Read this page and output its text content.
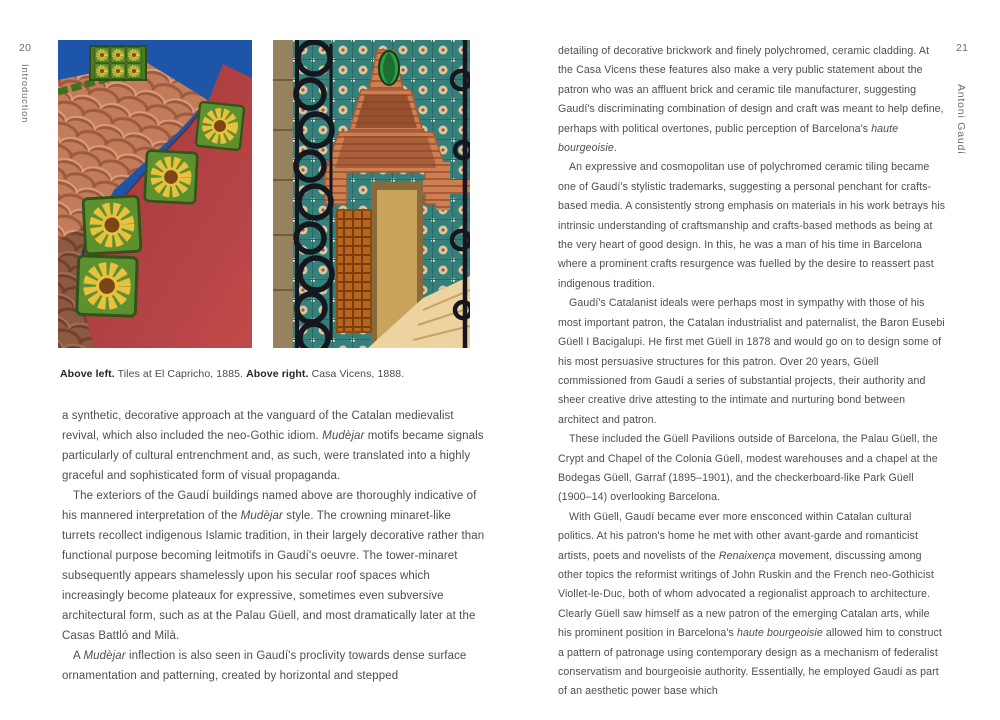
20
Introduction
21
Antoni Gaudí

Above left. Tiles at El Capricho, 1885. Above right. Casa Vicens, 1888.

a synthetic, decorative approach at the vanguard of the Catalan medievalist revival, which also included the neo-Gothic idiom. Mudèjar motifs became signals particularly of cultural entrenchment and, as such, were translated into a highly graceful and sophisticated form of visual propaganda.

The exteriors of the Gaudí buildings named above are thoroughly indicative of his mannered interpretation of the Mudèjar style. The crowning minaret-like turrets recollect indigenous Islamic tradition, in their largely decorative rather than functional purpose becoming leitmotifs in Gaudí's oeuvre. The tower-minaret subsequently appears shamelessly upon his secular roof spaces which increasingly become plateaux for expressive, sometimes even subversive architectural form, such as at the Palau Güell, and most dramatically later at the Casas Battló and Milà.

A Mudèjar inflection is also seen in Gaudí's proclivity towards dense surface ornamentation and patterning, created by horizontal and stepped

detailing of decorative brickwork and finely polychromed, ceramic cladding. At the Casa Vicens these features also make a very public statement about the patron who was an affluent brick and ceramic tile manufacturer, suggesting Gaudí's discriminating combination of design and craft was meant to help define, perhaps with political overtones, public perception of Barcelona's haute bourgeoisie.

An expressive and cosmopolitan use of polychromed ceramic tiling became one of Gaudí's stylistic trademarks, suggesting a personal penchant for crafts-based media. A consistently strong emphasis on materials in his work betrays his intrinsic understanding of craftsmanship and crafts-based methods as being at the very heart of good design. In this, he was a man of his time in Barcelona where a prominent crafts resurgence was fuelled by the desire to reassert past indigenous tradition.

Gaudí's Catalanist ideals were perhaps most in sympathy with those of his most important patron, the Catalan industrialist and paternalist, the Baron Eusebi Güell I Bacigalupi. He first met Güell in 1878 and would go on to design some of his most persuasive structures for this patron. Over 20 years, Güell commissioned from Gaudí a series of substantial projects, their authority and sheer creative drive attesting to the intimate and nurturing bond between architect and patron.

These included the Güell Pavilions outside of Barcelona, the Palau Güell, the Crypt and Chapel of the Colonia Güell, modest warehouses and a chapel at the Bodegas Güell, Garraf (1895–1901), and the checkerboard-like Park Güell (1900–14) overlooking Barcelona.

With Güell, Gaudí became ever more ensconced within Catalan cultural politics. At his patron's home he met with other avant-garde and romanticist artists, poets and novelists of the Renaixença movement, discussing among other topics the reformist writings of John Ruskin and the French neo-Gothicist Viollet-le-Duc, both of whom advocated a regionalist approach to architecture. Clearly Güell saw himself as a new patron of the emerging Catalan arts, while his prominent position in Barcelona's haute bourgeoisie allowed him to construct a pattern of patronage using contemporary design as a mechanism of federalist conservatism and bourgeoisie authority. Essentially, he employed Gaudí as part of an aesthetic power base which
